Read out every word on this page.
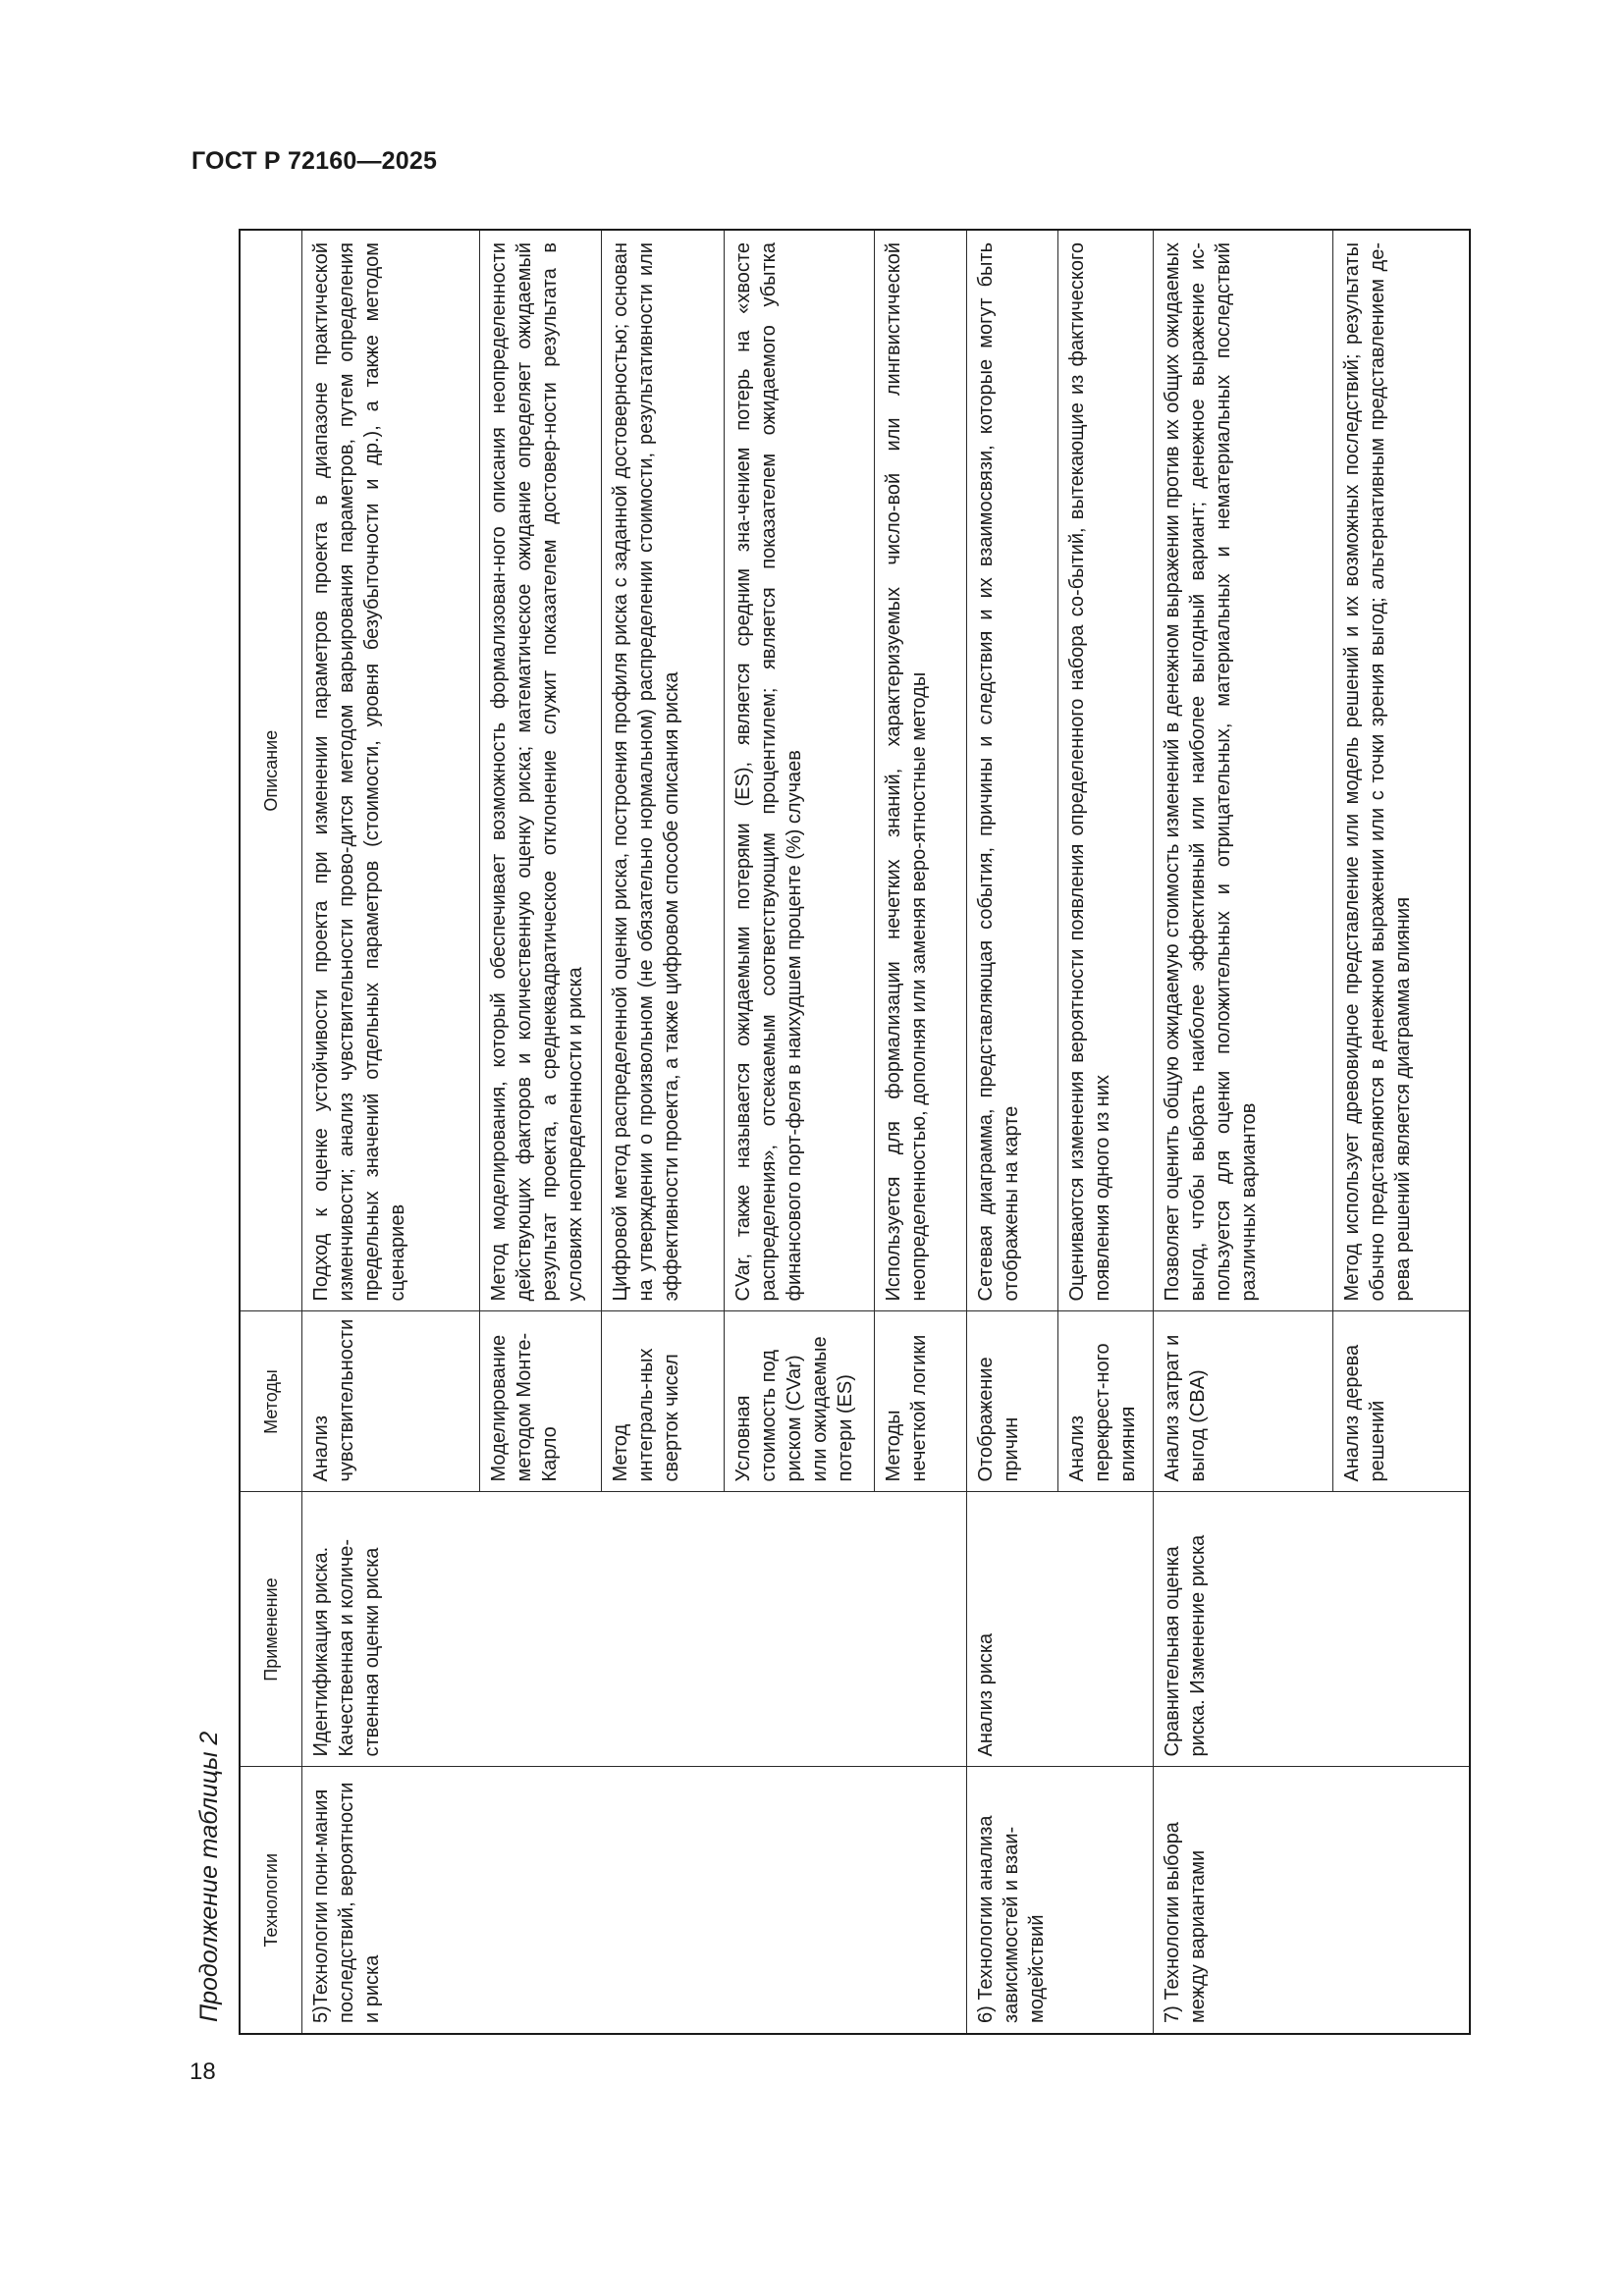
ГОСТ Р 72160—2025
18
Продолжение таблицы 2 Технологии	Применение	Методы	Описание
5)Технологии пони-мания последствий, вероятности и риска	Идентификация риска. Качественная и количе-ственная оценки риска	Анализ чувствительности	Подход к оценке устойчивости проекта при изменении параметров проекта в диапазоне практической изменчивости; анализ чувствительности прово-дится методом варьирования параметров, путем определения предельных значений отдельных параметров (стоимости, уровня безубыточности и др.), а также методом сценариев
		Моделирование методом Монте-Карло	Метод моделирования, который обеспечивает возможность формализован-ного описания неопределенности действующих факторов и количественную оценку риска; математическое ожидание определяет ожидаемый результат проекта, а среднеквадратическое отклонение служит показателем достовер-ности результата в условиях неопределенности и риска
		Метод интеграль-ных сверток чисел	Цифровой метод распределенной оценки риска, построения профиля риска с заданной достоверностью; основан на утверждении о произвольном (не обязательно нормальном) распределении стоимости, результативности или эффективности проекта, а также цифровом способе описания риска
		Условная стоимость под риском (CVar) или ожидаемые потери (ES)	CVar, также называется ожидаемыми потерями (ES), является средним зна-чением потерь на «хвосте распределения», отсекаемым соответствующим процентилем; является показателем ожидаемого убытка финансового порт-феля в наихудшем проценте (%) случаев
		Методы нечеткой логики	Используется для формализации нечетких знаний, характеризуемых числo-вой или лингвистической неопределенностью, дополняя или заменяя веро-ятностные методы
6) Технологии анализа зависимостей и взаи-модействий	Анализ риска	Отображение причин	Сетевая диаграмма, представляющая события, причины и следствия и их взаимосвязи, которые могут быть отображены на карте
		Анализ перекрест-ного влияния	Оцениваются изменения вероятности появления определенного набора со-бытий, вытекающие из фактического появления одного из них
7) Технологии выбора между вариантами	Сравнительная оценка риска. Изменение риска	Анализ затрат и выгод (CBA)	Позволяет оценить общую ожидаемую стоимость изменений в денежном выражении против их общих ожидаемых выгод, чтобы выбрать наиболее эффективный или наиболее выгодный вариант; денежное выражение ис-пользуется для оценки положительных и отрицательных, материальных и нематериальных последствий различных вариантов
		Анализ дерева решений	Метод использует древовидное представление или модель решений и их возможных последствий; результаты обычно представляются в денежном выражении или с точки зрения выгод; альтернативным представлением де-рева решений является диаграмма влияния
